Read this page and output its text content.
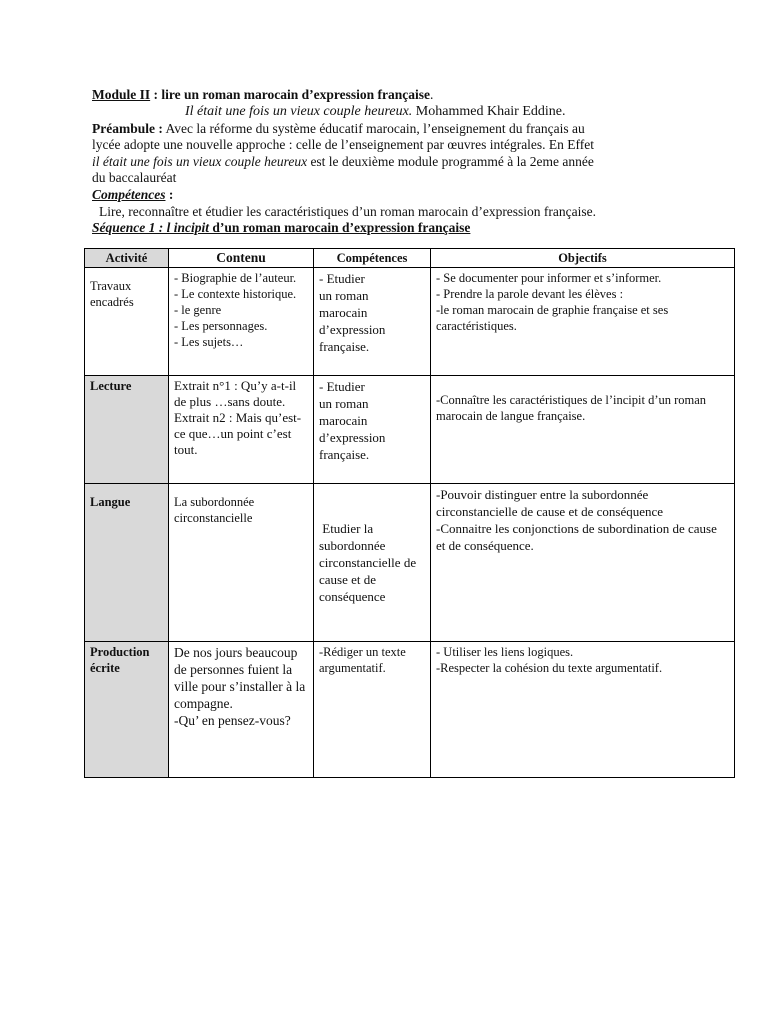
Module II : lire un roman marocain d’expression française.
Il était une fois un vieux couple heureux. Mohammed Khair Eddine.
Préambule : Avec la réforme du système éducatif marocain, l’enseignement du français au
lycée adopte une nouvelle approche : celle de l’enseignement par œuvres intégrales. En Effet
il était une fois un vieux couple heureux est le deuxième module programmé à la 2eme année
du baccalauréat
Compétences :
Lire, reconnaître et étudier les caractéristiques d’un roman marocain d’expression française.
Séquence 1 : l incipit d’un roman marocain d’expression française
Activité	Contenu	Compétences	Objectifs

Travaux encadrés	- Biographie de l’auteur.
- Le contexte historique.
- le genre
- Les personnages.
- Les sujets…	- Etudier
un roman
marocain
d’expression
française.	- Se documenter pour informer et s’informer.
- Prendre la parole devant les élèves :
-le roman marocain de graphie française et ses caractéristiques.

Lecture	Extrait n°1 : Qu’y a-t-il de plus …sans doute.
Extrait n2 : Mais qu’est-ce que…un point c’est tout.	- Etudier
un roman
marocain
d’expression
française.	-Connaître les caractéristiques de l’incipit d’un roman marocain de langue française.

Langue	La subordonnée circonstancielle	Etudier la subordonnée circonstancielle de cause et de conséquence	-Pouvoir distinguer entre la subordonnée circonstancielle de cause et de conséquence
-Connaitre les conjonctions de subordination de cause et de conséquence.

Production écrite	De nos jours beaucoup de personnes fuient la ville pour s’installer à la compagne.
-Qu’ en pensez-vous?	-Rédiger un texte argumentatif.	- Utiliser les liens logiques.
-Respecter la cohésion du texte argumentatif.
